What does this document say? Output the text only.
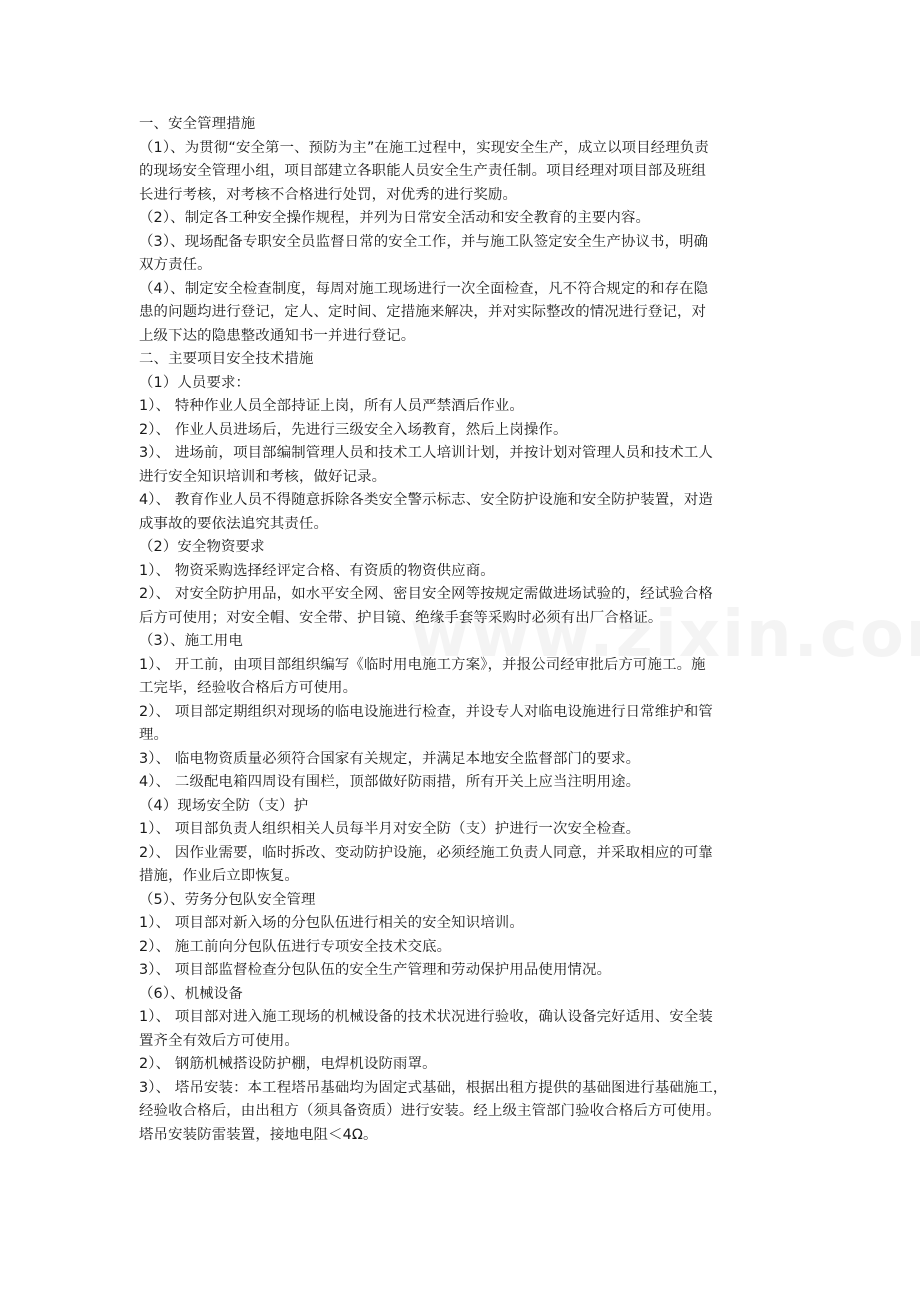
一、安全管理措施
（1）、为贯彻“安全第一、预防为主”在施工过程中，实现安全生产，成立以项目经理负责
的现场安全管理小组，项目部建立各职能人员安全生产责任制。项目经理对项目部及班组
长进行考核，对考核不合格进行处罚，对优秀的进行奖励。
（2）、制定各工种安全操作规程，并列为日常安全活动和安全教育的主要内容。
（3）、现场配备专职安全员监督日常的安全工作，并与施工队签定安全生产协议书，明确
双方责任。
（4）、制定安全检查制度，每周对施工现场进行一次全面检查，凡不符合规定的和存在隐
患的问题均进行登记，定人、定时间、定措施来解决，并对实际整改的情况进行登记，对
上级下达的隐患整改通知书一并进行登记。
二、主要项目安全技术措施
（1）人员要求：
1）、 特种作业人员全部持证上岗，所有人员严禁酒后作业。
2）、 作业人员进场后，先进行三级安全入场教育，然后上岗操作。
3）、 进场前，项目部编制管理人员和技术工人培训计划，并按计划对管理人员和技术工人
进行安全知识培训和考核，做好记录。
4）、 教育作业人员不得随意拆除各类安全警示标志、安全防护设施和安全防护装置，对造
成事故的要依法追究其责任。
（2）安全物资要求
1）、 物资采购选择经评定合格、有资质的物资供应商。
2）、 对安全防护用品，如水平安全网、密目安全网等按规定需做进场试验的，经试验合格
后方可使用；对安全帽、安全带、护目镜、绝缘手套等采购时必须有出厂合格证。
（3）、施工用电
1）、 开工前，由项目部组织编写《临时用电施工方案》，并报公司经审批后方可施工。施
工完毕，经验收合格后方可使用。
2）、 项目部定期组织对现场的临电设施进行检查，并设专人对临电设施进行日常维护和管
理。
3）、 临电物资质量必须符合国家有关规定，并满足本地安全监督部门的要求。
4）、 二级配电箱四周设有围栏，顶部做好防雨措，所有开关上应当注明用途。
（4）现场安全防（支）护
1）、 项目部负责人组织相关人员每半月对安全防（支）护进行一次安全检查。
2）、 因作业需要，临时拆改、变动防护设施，必须经施工负责人同意，并采取相应的可靠
措施，作业后立即恢复。
（5）、劳务分包队安全管理
1）、 项目部对新入场的分包队伍进行相关的安全知识培训。
2）、 施工前向分包队伍进行专项安全技术交底。
3）、 项目部监督检查分包队伍的安全生产管理和劳动保护用品使用情况。
（6）、机械设备
1）、 项目部对进入施工现场的机械设备的技术状况进行验收，确认设备完好适用、安全装
置齐全有效后方可使用。
2）、 钢筋机械搭设防护棚，电焊机设防雨罩。
3）、 塔吊安装：本工程塔吊基础均为固定式基础，根据出租方提供的基础图进行基础施工，
经验收合格后，由出租方（须具备资质）进行安装。经上级主管部门验收合格后方可使用。
塔吊安装防雷装置，接地电阻＜4Ω。
